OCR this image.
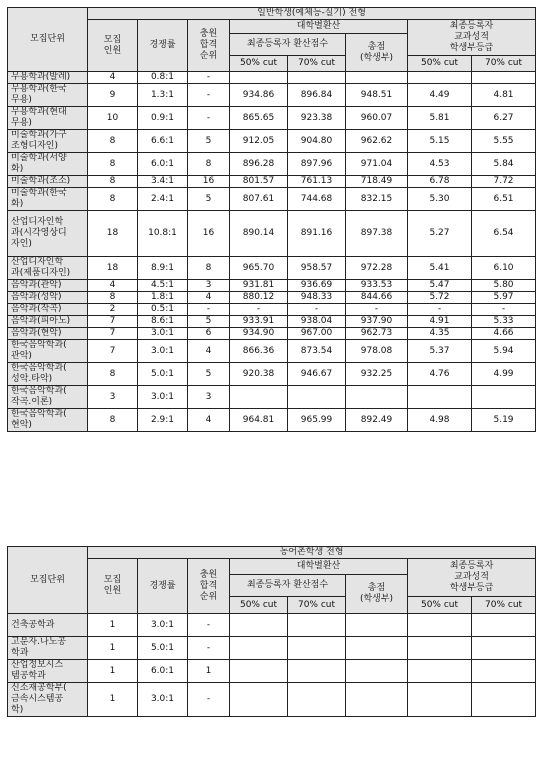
모집단위	일반학생(예체능-실기) 전형							
	모집
인원	경쟁률	충원
합격
순위	대학별환산			최종등록자
교과성적
학생부등급	
				최종등록자 환산점수		총점
(학생부)		
				50% cut	70% cut		50% cut	70% cut
무용학과(발레)	4	0.8:1	-					
무용학과(한국
무용)	9	1.3:1	-	934.86	896.84	948.51	4.49	4.81
무용학과(현대
무용)	10	0.9:1	-	865.65	923.38	960.07	5.81	6.27
미술학과(가구
조형디자인)	8	6.6:1	5	912.05	904.80	962.62	5.15	5.55
미술학과(서양
화)	8	6.0:1	8	896.28	897.96	971.04	4.53	5.84
미술학과(조소)	8	3.4:1	16	801.57	761.13	718.49	6.78	7.72
미술학과(한국
화)	8	2.4:1	5	807.61	744.68	832.15	5.30	6.51
산업디자인학
과(시각영상디
자인)	18	10.8:1	16	890.14	891.16	897.38	5.27	6.54
산업디자인학
과(제품디자인)	18	8.9:1	8	965.70	958.57	972.28	5.41	6.10
음악과(관악)	4	4.5:1	3	931.81	936.69	933.53	5.47	5.80
음악과(성악)	8	1.8:1	4	880.12	948.33	844.66	5.72	5.97
음악과(작곡)	2	0.5:1	-	-	-	-	-	-
음악과(피아노)	7	8.6:1	5	933.91	938.04	937.90	4.91	5.33
음악과(현악)	7	3.0:1	6	934.90	967.00	962.73	4.35	4.66
한국음악학과(
관악)	7	3.0:1	4	866.36	873.54	978.08	5.37	5.94
한국음악학과(
성악.타악)	8	5.0:1	5	920.38	946.67	932.25	4.76	4.99
한국음악학과(
작곡.이론)	3	3.0:1	3					
한국음악학과(
현악)	8	2.9:1	4	964.81	965.99	892.49	4.98	5.19
모집단위	농어촌학생 전형							
	모집
인원	경쟁률	충원
합격
순위	대학별환산			최종등록자
교과성적
학생부등급	
				최종등록자 환산점수		총점
(학생부)		
				50% cut	70% cut		50% cut	70% cut
건축공학과	1	3.0:1	-					
고분자.나노공
학과	1	5.0:1	-					
산업정보시스
템공학과	1	6.0:1	1					
신소재공학부(
금속시스템공
학)	1	3.0:1	-					
